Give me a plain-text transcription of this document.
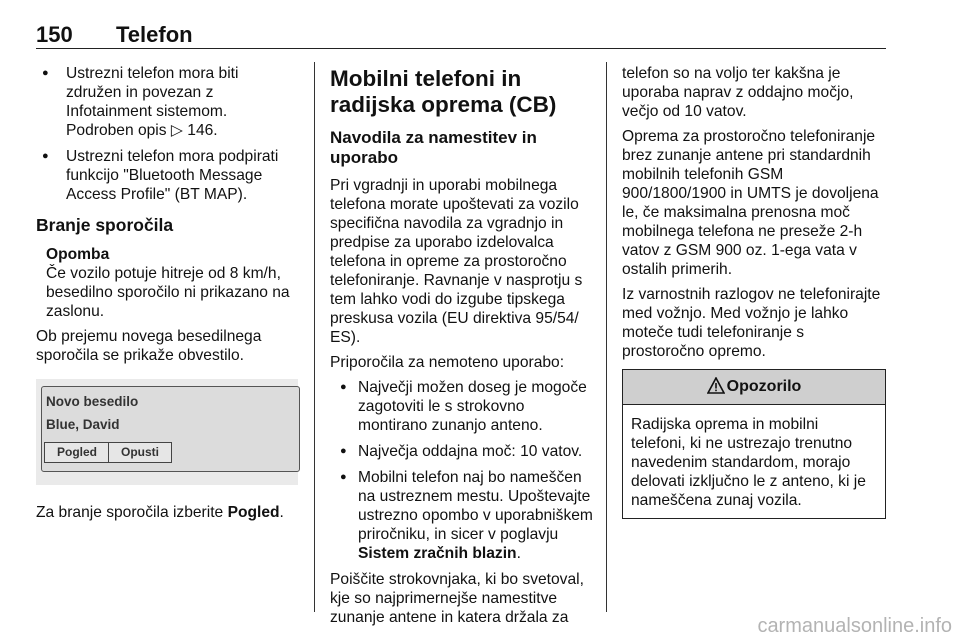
150 Telefon
● Ustrezni telefon mora biti združen in povezan z Infotainment sistemom. Podroben opis ▷ 146.
● Ustrezni telefon mora podpirati funkcijo "Bluetooth Message Access Profile" (BT MAP).
Branje sporočila
Opomba
Če vozilo potuje hitreje od 8 km/h, besedilno sporočilo ni prikazano na zaslonu.

Ob prejemu novega besedilnega sporočila se prikaže obvestilo.

Novo besedilo
Blue, David
Pogled	Opusti

Za branje sporočila izberite Pogled.

Mobilni telefoni in radijska oprema (CB)
Navodila za namestitev in uporabo

Pri vgradnji in uporabi mobilnega telefona morate upoštevati za vozilo specifična navodila za vgradnjo in predpise za uporabo izdelovalca telefona in opreme za prostoročno telefoniranje. Ravnanje v nasprotju s tem lahko vodi do izgube tipskega preskusa vozila (EU direktiva 95/54/ ES).

Priporočila za nemoteno uporabo:

● Največji možen doseg je mogoče zagotoviti le s strokovno montirano zunanjo anteno.
● Največja oddajna moč: 10 vatov.
● Mobilni telefon naj bo nameščen na ustreznem mestu. Upoštevajte ustrezno opombo v uporabniškem priročniku, in sicer v poglavju Sistem zračnih blazin.

Poiščite strokovnjaka, ki bo svetoval, kje so najprimernejše namestitve zunanje antene in katera držala za

telefon so na voljo ter kakšna je uporaba naprav z oddajno močjo, večjo od 10 vatov.

Oprema za prostoročno telefoniranje brez zunanje antene pri standardnih mobilnih telefonih GSM 900/1800/1900 in UMTS je dovoljena le, če maksimalna prenosna moč mobilnega telefona ne preseže 2-h vatov z GSM 900 oz. 1-ega vata v ostalih primerih.

Iz varnostnih razlogov ne telefonirajte med vožnjo. Med vožnjo je lahko moteče tudi telefoniranje s prostoročno opremo.

Opozorilo
Radijska oprema in mobilni telefoni, ki ne ustrezajo trenutno navedenim standardom, morajo delovati izključno le z anteno, ki je nameščena zunaj vozila.
carmanualsonline.info
